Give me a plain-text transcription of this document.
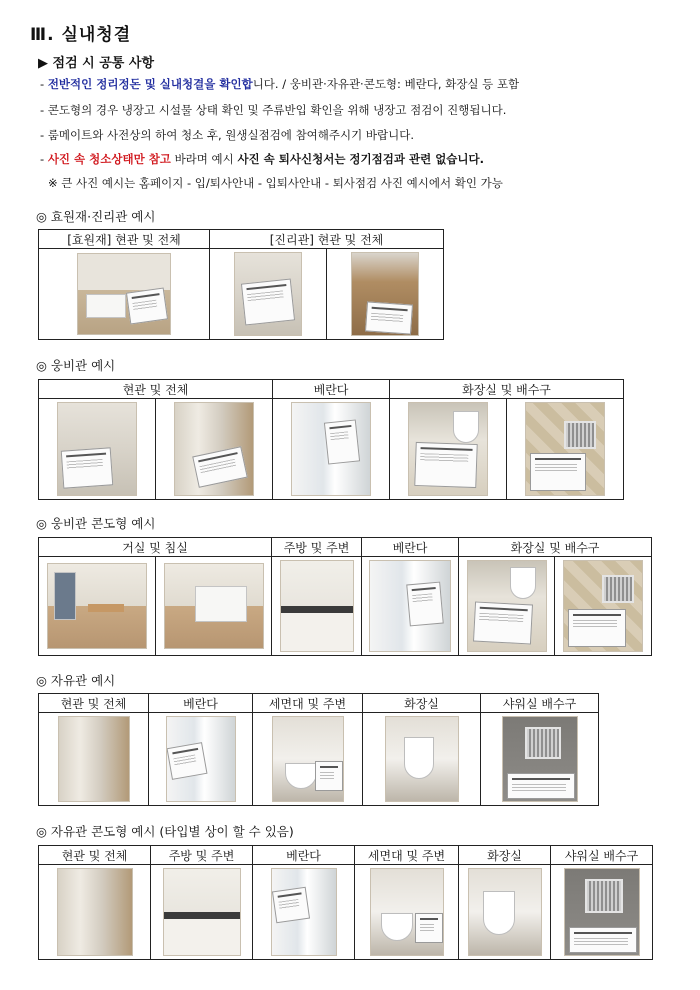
Ⅲ. 실내청결
▶ 점검 시 공통 사항
- 전반적인 정리정돈 및 실내청결을 확인합니다. / 웅비관·자유관·콘도형: 베란다, 화장실 등 포함
- 콘도형의 경우 냉장고 시설물 상태 확인 및 주류반입 확인을 위해 냉장고 점검이 진행됩니다.
- 룸메이트와 사전상의 하여 청소 후, 원생실점검에 참여해주시기 바랍니다.
- 사진 속 청소상태만 참고 바라며 예시 사진 속 퇴사신청서는 정기점검과 관련 없습니다.
※ 큰 사진 예시는 홈페이지 - 입/퇴사안내 - 입퇴사안내 - 퇴사점검 사진 예시에서 확인 가능
◎ 효원재·진리관 예시
[효원재] 현관 및 전체	[진리관] 현관 및 전체	

◎ 웅비관 예시
현관 및 전체		베란다	화장실 및 배수구	

◎ 웅비관 콘도형 예시
거실 및 침실		주방 및 주변	베란다	화장실 및 배수구	

◎ 자유관 예시
현관 및 전체	베란다	세면대 및 주변	화장실	샤워실 배수구

◎ 자유관 콘도형 예시 (타입별 상이 할 수 있음)
현관 및 전체	주방 및 주변	베란다	세면대 및 주변	화장실	샤워실 배수구
